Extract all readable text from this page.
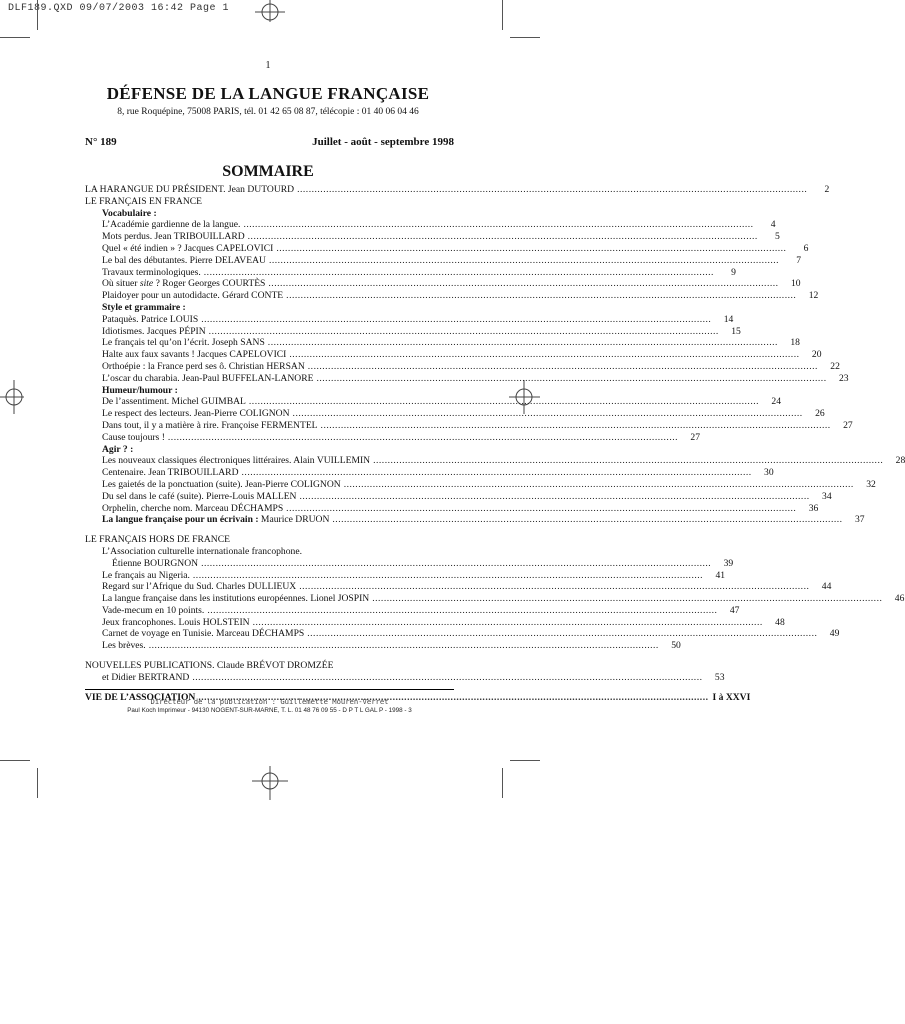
DLF189.QXD 09/07/2003 16:42 Page 1
1
DÉFENSE DE LA LANGUE FRANÇAISE
8, rue Roquépine, 75008 PARIS, tél. 01 42 65 08 87, télécopie : 01 40 06 04 46
N° 189	Juillet - août - septembre 1998
SOMMAIRE
LA HARANGUE DU PRÉSIDENT. Jean DUTOURD .....	2
LE FRANÇAIS EN FRANCE
Vocabulaire :
L’Académie gardienne de la langue. .....	4
Mots perdus. Jean TRIBOUILLARD .....	5
Quel « été indien » ? Jacques CAPELOVICI .....	6
Le bal des débutantes. Pierre DELAVEAU .....	7
Travaux terminologiques. .....	9
Où situer site ? Roger Georges COURTÈS .....	10
Plaidoyer pour un autodidacte. Gérard CONTE .....	12
Style et grammaire :
Pataquès. Patrice LOUIS .....	14
Idiotismes. Jacques PÉPIN .....	15
Le français tel qu’on l’écrit. Joseph SANS .....	18
Halte aux faux savants ! Jacques CAPELOVICI .....	20
Orthoépie : la France perd ses ô. Christian HERSAN .....	22
L’oscar du charabia. Jean-Paul BUFFELAN-LANORE .....	23
Humeur/humour :
De l’assentiment. Michel GUIMBAL .....	24
Le respect des lecteurs. Jean-Pierre COLIGNON .....	26
Dans tout, il y a matière à rire. Françoise FERMENTEL .....	27
Cause toujours ! .....	27
Agir ? :
Les nouveaux classiques électroniques littéraires. Alain VUILLEMIN .....	28
Centenaire. Jean TRIBOUILLARD .....	30
Les gaietés de la ponctuation (suite). Jean-Pierre COLIGNON .....	32
Du sel dans le café (suite). Pierre-Louis MALLEN .....	34
Orphelin, cherche nom. Marceau DÉCHAMPS .....	36
La langue française pour un écrivain : Maurice DRUON .....	37
LE FRANÇAIS HORS DE FRANCE
L’Association culturelle internationale francophone.
Étienne BOURGNON .....	39
Le français au Nigeria. .....	41
Regard sur l’Afrique du Sud. Charles DULLIEUX .....	44
La langue française dans les institutions européennes. Lionel JOSPIN .....	46
Vade-mecum en 10 points. .....	47
Jeux francophones. Louis HOLSTEIN .....	48
Carnet de voyage en Tunisie. Marceau DÉCHAMPS .....	49
Les brèves. .....	50
NOUVELLES PUBLICATIONS. Claude BRÉVOT DROMZÉE
et Didier BERTRAND .....	53
VIE DE L’ASSOCIATION .....	I à XXVI
Directeur de la publication : Guillemette Mouren-Verret
Paul Koch Imprimeur - 94130 NOGENT-SUR-MARNE, T. L. 01 48 76 09 55 - D P T L GAL P - 1998 - 3
